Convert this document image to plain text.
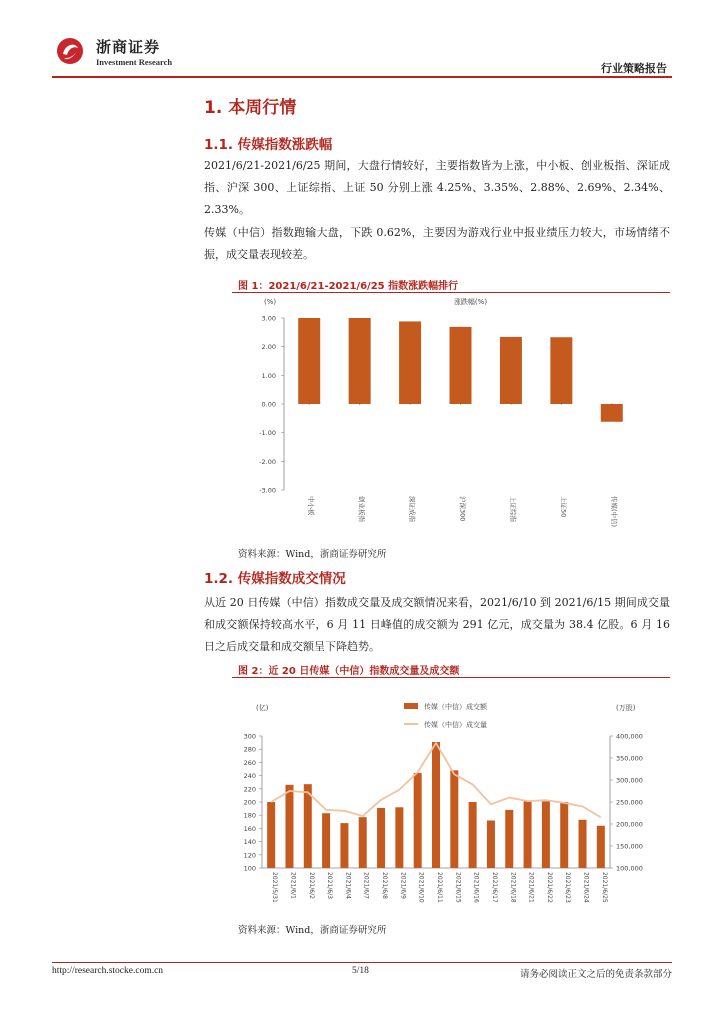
浙商证券
Investment Research	行业策略报告
1. 本周行情
1.1. 传媒指数涨跌幅
2021/6/21-2021/6/25 期间，大盘行情较好，主要指数皆为上涨，中小板、创业板指、深证成指、沪深 300、上证综指、上证 50 分别上涨 4.25%、3.35%、2.88%、2.69%、2.34%、2.33%。
传媒（中信）指数跑输大盘，下跌 0.62%，主要因为游戏行业中报业绩压力较大，市场情绪不振，成交量表现较差。
图 1：2021/6/21-2021/6/25 指数涨跌幅排行
(%)	涨跌幅(%)
3.00
2.00
1.00
0.00
-1.00
-2.00
-3.00
中小板	创业板指	深证成指	沪深300	上证综指	上证50	传媒(中信)
资料来源：Wind，浙商证券研究所
1.2. 传媒指数成交情况
从近 20 日传媒（中信）指数成交量及成交额情况来看，2021/6/10 到 2021/6/15 期间成交量和成交额保持较高水平，6 月 11 日峰值的成交额为 291 亿元，成交量为 38.4 亿股。6 月 16 日之后成交量和成交额呈下降趋势。
图 2：近 20 日传媒（中信）指数成交量及成交额
(亿)	(万股)
传媒（中信）成交额
传媒（中信）成交量
300
280
260
240
220
200
180
160
140
120
100
400,000
350,000
300,000
250,000
200,000
150,000
100,000
2021/5/31 2021/6/1 2021/6/2 2021/6/3 2021/6/4 2021/6/7 2021/6/8 2021/6/9 2021/6/10 2021/6/11 2021/6/15 2021/6/16 2021/6/17 2021/6/18 2021/6/21 2021/6/22 2021/6/23 2021/6/24 2021/6/25
资料来源：Wind，浙商证券研究所
http://research.stocke.com.cn	5/18	请务必阅读正文之后的免责条款部分
